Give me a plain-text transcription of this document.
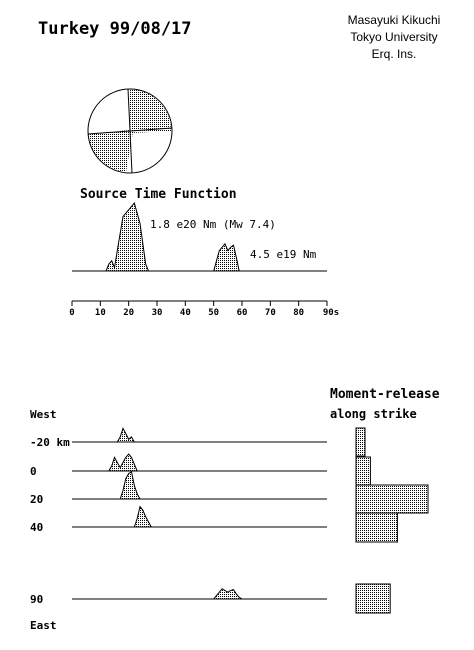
Turkey 99/08/17	Masayuki Kikuchi
Tokyo University
Erq. Ins.
Source Time Function
1.8 e20 Nm (Mw 7.4)
4.5 e19 Nm
0 10 20 30 40 50 60 70 80 90s
West
East
-20 km
0
20
40
90
Moment-release
along strike
